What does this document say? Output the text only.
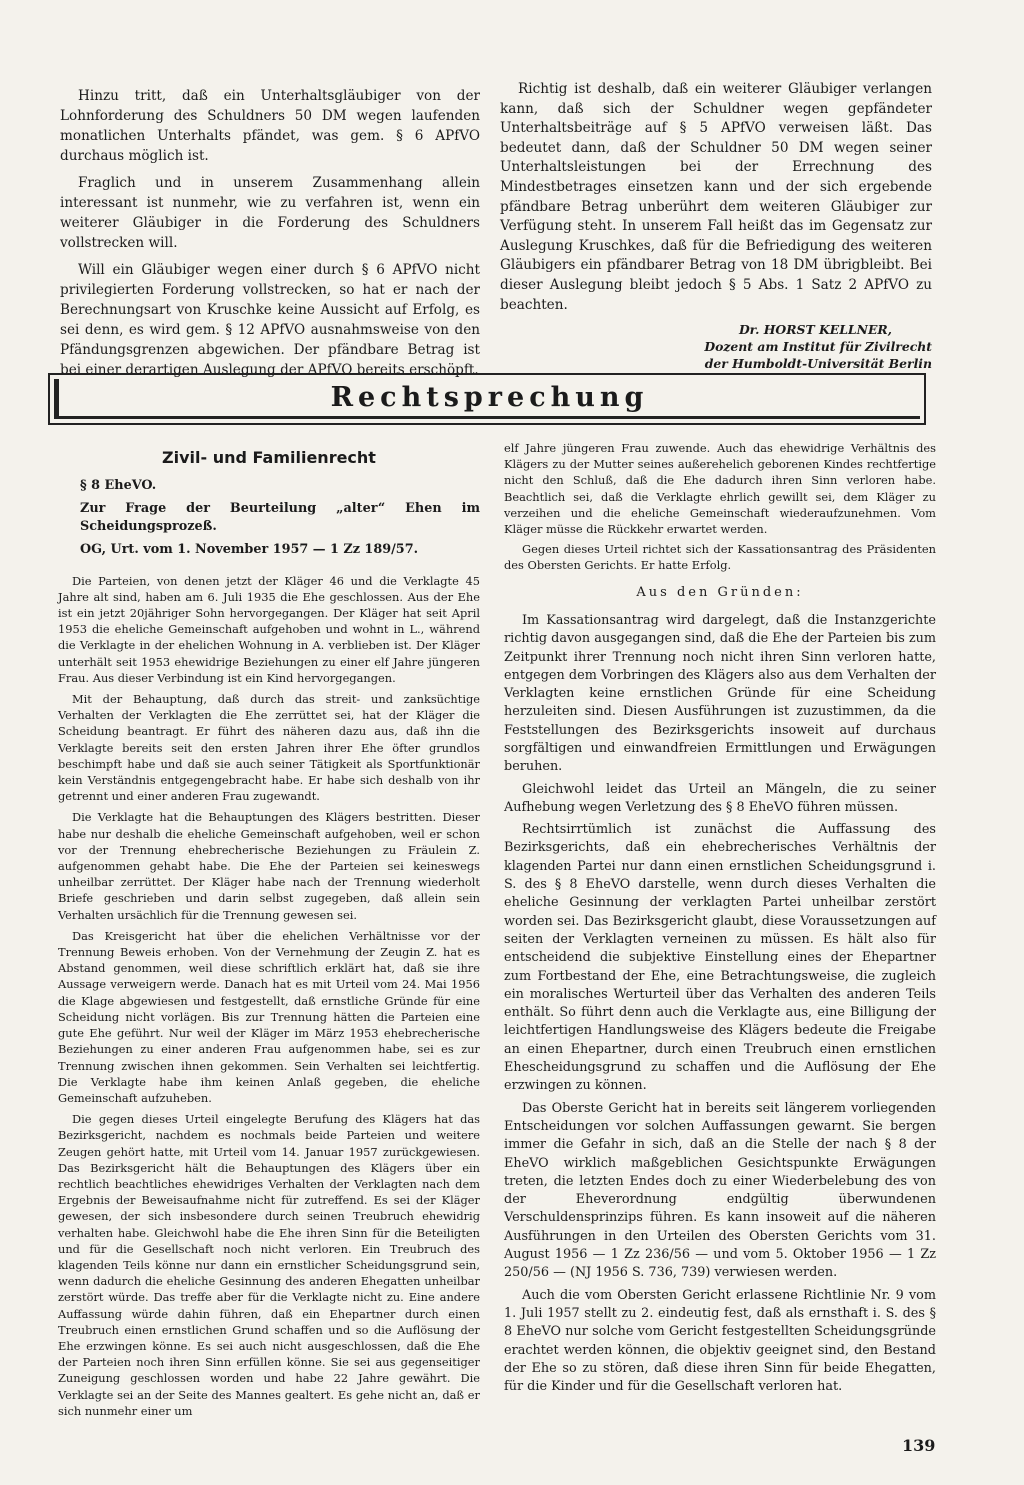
Hinzu tritt, daß ein Unterhaltsgläubiger von der Lohnforderung des Schuldners 50 DM wegen laufenden monatlichen Unterhalts pfändet, was gem. § 6 APfVO durchaus möglich ist.

Fraglich und in unserem Zusammenhang allein interessant ist nunmehr, wie zu verfahren ist, wenn ein weiterer Gläubiger in die Forderung des Schuldners vollstrecken will.

Will ein Gläubiger wegen einer durch § 6 APfVO nicht privilegierten Forderung vollstrecken, so hat er nach der Berechnungsart von Kruschke keine Aussicht auf Erfolg, es sei denn, es wird gem. § 12 APfVO ausnahmsweise von den Pfändungsgrenzen abgewichen. Der pfändbare Betrag ist bei einer derartigen Auslegung der APfVO bereits erschöpft.

Richtig ist deshalb, daß ein weiterer Gläubiger verlangen kann, daß sich der Schuldner wegen gepfändeter Unterhaltsbeiträge auf § 5 APfVO verweisen läßt. Das bedeutet dann, daß der Schuldner 50 DM wegen seiner Unterhaltsleistungen bei der Errechnung des Mindestbetrages einsetzen kann und der sich ergebende pfändbare Betrag unberührt dem weiteren Gläubiger zur Verfügung steht. In unserem Fall heißt das im Gegensatz zur Auslegung Kruschkes, daß für die Befriedigung des weiteren Gläubigers ein pfändbarer Betrag von 18 DM übrigbleibt. Bei dieser Auslegung bleibt jedoch § 5 Abs. 1 Satz 2 APfVO zu beachten.

Dr. HORST KELLNER,
Dozent am Institut für Zivilrecht
der Humboldt-Universität Berlin
Rechtsprechung
Zivil- und Familienrecht
§ 8 EheVO.
Zur Frage der Beurteilung „alter“ Ehen im Scheidungsprozeß.
OG, Urt. vom 1. November 1957 — 1 Zz 189/57.

Die Parteien, von denen jetzt der Kläger 46 und die Verklagte 45 Jahre alt sind, haben am 6. Juli 1935 die Ehe geschlossen. Aus der Ehe ist ein jetzt 20jähriger Sohn hervorgegangen. Der Kläger hat seit April 1953 die eheliche Gemeinschaft aufgehoben und wohnt in L., während die Verklagte in der ehelichen Wohnung in A. verblieben ist. Der Kläger unterhält seit 1953 ehewidrige Beziehungen zu einer elf Jahre jüngeren Frau. Aus dieser Verbindung ist ein Kind hervorgegangen.

Mit der Behauptung, daß durch das streit- und zanksüchtige Verhalten der Verklagten die Ehe zerrüttet sei, hat der Kläger die Scheidung beantragt. Er führt des näheren dazu aus, daß ihn die Verklagte bereits seit den ersten Jahren ihrer Ehe öfter grundlos beschimpft habe und daß sie auch seiner Tätigkeit als Sportfunktionär kein Verständnis entgegengebracht habe. Er habe sich deshalb von ihr getrennt und einer anderen Frau zugewandt.

Die Verklagte hat die Behauptungen des Klägers bestritten. Dieser habe nur deshalb die eheliche Gemeinschaft aufgehoben, weil er schon vor der Trennung ehebrecherische Beziehungen zu Fräulein Z. aufgenommen gehabt habe. Die Ehe der Parteien sei keineswegs unheilbar zerrüttet. Der Kläger habe nach der Trennung wiederholt Briefe geschrieben und darin selbst zugegeben, daß allein sein Verhalten ursächlich für die Trennung gewesen sei.

Das Kreisgericht hat über die ehelichen Verhältnisse vor der Trennung Beweis erhoben. Von der Vernehmung der Zeugin Z. hat es Abstand genommen, weil diese schriftlich erklärt hat, daß sie ihre Aussage verweigern werde. Danach hat es mit Urteil vom 24. Mai 1956 die Klage abgewiesen und festgestellt, daß ernstliche Gründe für eine Scheidung nicht vorlägen. Bis zur Trennung hätten die Parteien eine gute Ehe geführt. Nur weil der Kläger im März 1953 ehebrecherische Beziehungen zu einer anderen Frau aufgenommen habe, sei es zur Trennung zwischen ihnen gekommen. Sein Verhalten sei leichtfertig. Die Verklagte habe ihm keinen Anlaß gegeben, die eheliche Gemeinschaft aufzuheben.

Die gegen dieses Urteil eingelegte Berufung des Klägers hat das Bezirksgericht, nachdem es nochmals beide Parteien und weitere Zeugen gehört hatte, mit Urteil vom 14. Januar 1957 zurückgewiesen. Das Bezirksgericht hält die Behauptungen des Klägers über ein rechtlich beachtliches ehewidriges Verhalten der Verklagten nach dem Ergebnis der Beweisaufnahme nicht für zutreffend. Es sei der Kläger gewesen, der sich insbesondere durch seinen Treubruch ehewidrig verhalten habe. Gleichwohl habe die Ehe ihren Sinn für die Beteiligten und für die Gesellschaft noch nicht verloren. Ein Treubruch des klagenden Teils könne nur dann ein ernstlicher Scheidungsgrund sein, wenn dadurch die eheliche Gesinnung des anderen Ehegatten unheilbar zerstört würde. Das treffe aber für die Verklagte nicht zu. Eine andere Auffassung würde dahin führen, daß ein Ehepartner durch einen Treubruch einen ernstlichen Grund schaffen und so die Auflösung der Ehe erzwingen könne. Es sei auch nicht ausgeschlossen, daß die Ehe der Parteien noch ihren Sinn erfüllen könne. Sie sei aus gegenseitiger Zuneigung geschlossen worden und habe 22 Jahre gewährt. Die Verklagte sei an der Seite des Mannes gealtert. Es gehe nicht an, daß er sich nunmehr einer um

elf Jahre jüngeren Frau zuwende. Auch das ehewidrige Verhältnis des Klägers zu der Mutter seines außerehelich geborenen Kindes rechtfertige nicht den Schluß, daß die Ehe dadurch ihren Sinn verloren habe. Beachtlich sei, daß die Verklagte ehrlich gewillt sei, dem Kläger zu verzeihen und die eheliche Gemeinschaft wiederaufzunehmen. Vom Kläger müsse die Rückkehr erwartet werden.

Gegen dieses Urteil richtet sich der Kassationsantrag des Präsidenten des Obersten Gerichts. Er hatte Erfolg.

Aus den Gründen:

Im Kassationsantrag wird dargelegt, daß die Instanzgerichte richtig davon ausgegangen sind, daß die Ehe der Parteien bis zum Zeitpunkt ihrer Trennung noch nicht ihren Sinn verloren hatte, entgegen dem Vorbringen des Klägers also aus dem Verhalten der Verklagten keine ernstlichen Gründe für eine Scheidung herzuleiten sind. Diesen Ausführungen ist zuzustimmen, da die Feststellungen des Bezirksgerichts insoweit auf durchaus sorgfältigen und einwandfreien Ermittlungen und Erwägungen beruhen.

Gleichwohl leidet das Urteil an Mängeln, die zu seiner Aufhebung wegen Verletzung des § 8 EheVO führen müssen.

Rechtsirrtümlich ist zunächst die Auffassung des Bezirksgerichts, daß ein ehebrecherisches Verhältnis der klagenden Partei nur dann einen ernstlichen Scheidungsgrund i. S. des § 8 EheVO darstelle, wenn durch dieses Verhalten die eheliche Gesinnung der verklagten Partei unheilbar zerstört worden sei. Das Bezirksgericht glaubt, diese Voraussetzungen auf seiten der Verklagten verneinen zu müssen. Es hält also für entscheidend die subjektive Einstellung eines der Ehepartner zum Fortbestand der Ehe, eine Betrachtungsweise, die zugleich ein moralisches Werturteil über das Verhalten des anderen Teils enthält. So führt denn auch die Verklagte aus, eine Billigung der leichtfertigen Handlungsweise des Klägers bedeute die Freigabe an einen Ehepartner, durch einen Treubruch einen ernstlichen Ehescheidungsgrund zu schaffen und die Auflösung der Ehe erzwingen zu können.

Das Oberste Gericht hat in bereits seit längerem vorliegenden Entscheidungen vor solchen Auffassungen gewarnt. Sie bergen immer die Gefahr in sich, daß an die Stelle der nach § 8 der EheVO wirklich maßgeblichen Gesichtspunkte Erwägungen treten, die letzten Endes doch zu einer Wiederbelebung des von der Eheverordnung endgültig überwundenen Verschuldensprinzips führen. Es kann insoweit auf die näheren Ausführungen in den Urteilen des Obersten Gerichts vom 31. August 1956 — 1 Zz 236/56 — und vom 5. Oktober 1956 — 1 Zz 250/56 — (NJ 1956 S. 736, 739) verwiesen werden.

Auch die vom Obersten Gericht erlassene Richtlinie Nr. 9 vom 1. Juli 1957 stellt zu 2. eindeutig fest, daß als ernsthaft i. S. des § 8 EheVO nur solche vom Gericht festgestellten Scheidungsgründe erachtet werden können, die objektiv geeignet sind, den Bestand der Ehe so zu stören, daß diese ihren Sinn für beide Ehegatten, für die Kinder und für die Gesellschaft verloren hat.

139
